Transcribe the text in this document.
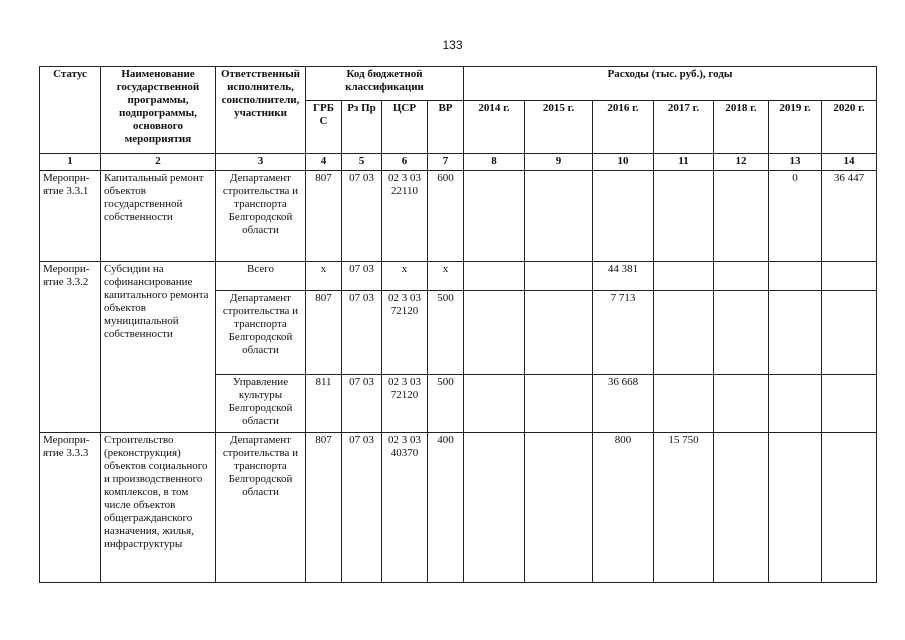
133
Статус	Наименование государственной программы, подпрограммы, основного мероприятия	Ответственный исполнитель, соисполнители, участники	Код бюджетной классификации				Расходы (тыс. руб.), годы						
			ГРБ С	Рз Пр	ЦСР	ВР	2014 г.	2015 г.	2016 г.	2017 г.	2018 г.	2019 г.	2020 г.
1	2	3	4	5	6	7	8	9	10	11	12	13	14
Меропри-ятие 3.3.1	Капитальный ремонт объектов государственной собственности	Департамент строительства и транспорта Белгородской области	807	07 03	02 3 03 22110	600						0	36 447
Меропри-ятие 3.3.2	Субсидии на софинансирование капитального ремонта объектов муниципальной собственности	Всего	х	07 03	х	х			44 381				
		Департамент строительства и транспорта Белгородской области	807	07 03	02 3 03 72120	500			7 713				
		Управление культуры Белгородской области	811	07 03	02 3 03 72120	500			36 668				
Меропри-ятие 3.3.3	Строительство (реконструкция) объектов социального и производственного комплексов, в том числе объектов общегражданского назначения, жилья, инфраструктуры	Департамент строительства и транспорта Белгородской области	807	07 03	02 3 03 40370	400			800	15 750			
